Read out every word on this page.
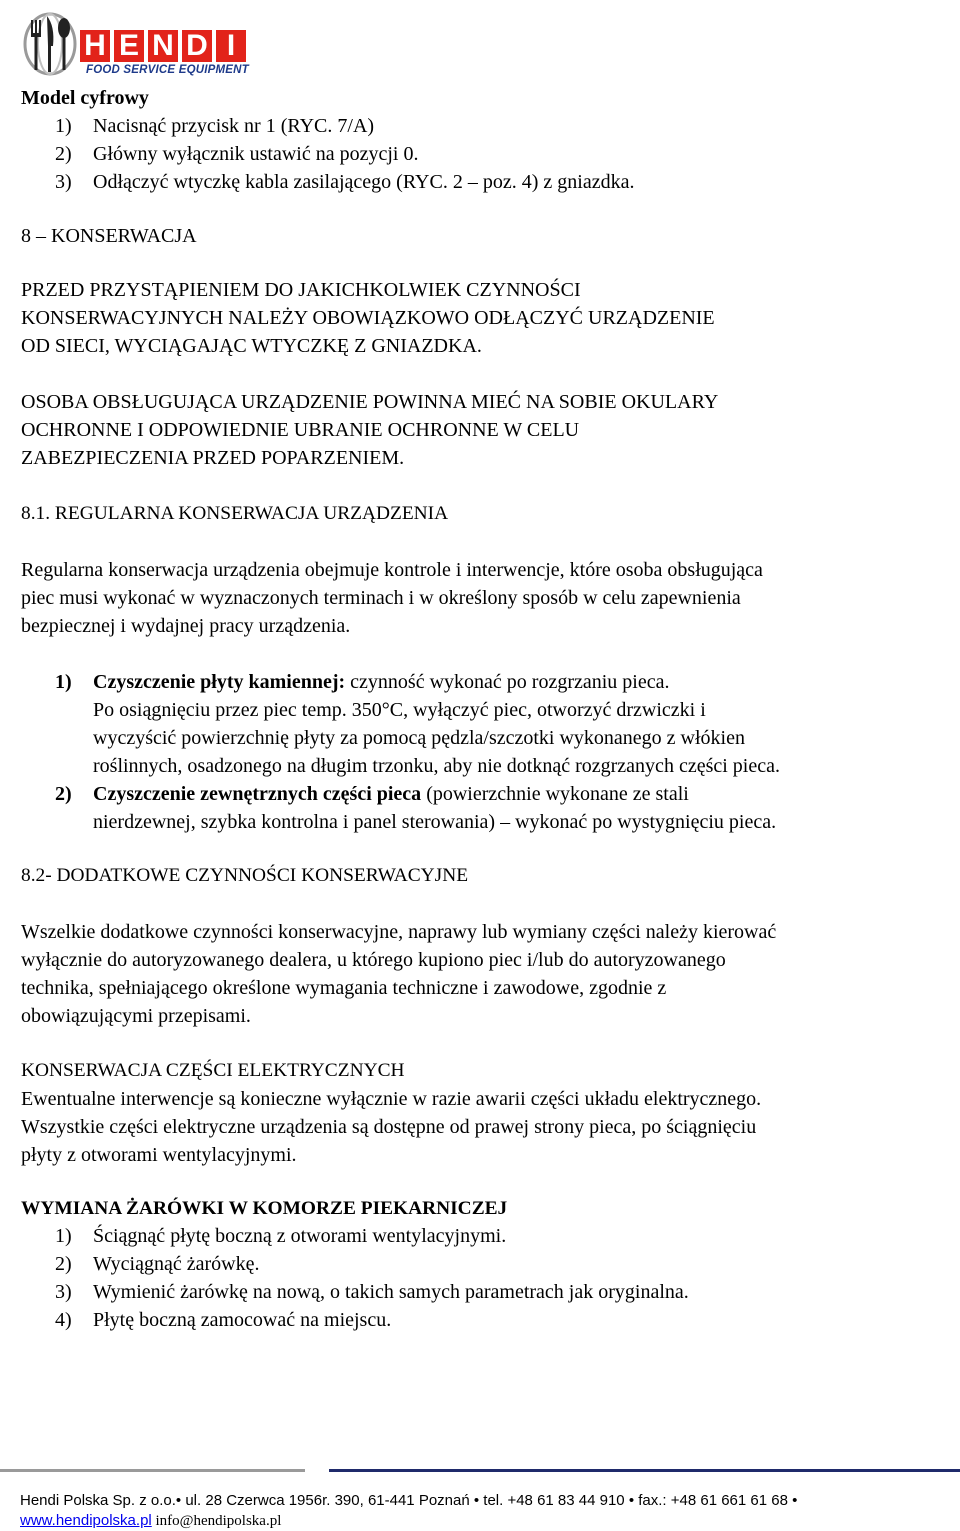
H E N D I
FOOD SERVICE EQUIPMENT
Model cyfrowy
1) Nacisnąć przycisk nr 1 (RYC. 7/A)
2) Główny wyłącznik ustawić na pozycji 0.
3) Odłączyć wtyczkę kabla zasilającego (RYC. 2 – poz. 4) z gniazdka.
8 – KONSERWACJA
PRZED PRZYSTĄPIENIEM DO JAKICHKOLWIEK CZYNNOŚCI
KONSERWACYJNYCH NALEŻY OBOWIĄZKOWO ODŁĄCZYĆ URZĄDZENIE
OD SIECI, WYCIĄGAJĄC WTYCZKĘ Z GNIAZDKA.
OSOBA OBSŁUGUJĄCA URZĄDZENIE POWINNA MIEĆ NA SOBIE OKULARY
OCHRONNE I ODPOWIEDNIE UBRANIE OCHRONNE W CELU
ZABEZPIECZENIA PRZED POPARZENIEM.
8.1. REGULARNA KONSERWACJA URZĄDZENIA
Regularna konserwacja urządzenia obejmuje kontrole i interwencje, które osoba obsługująca
piec musi wykonać w wyznaczonych terminach i w określony sposób w celu zapewnienia
bezpiecznej i wydajnej pracy urządzenia.
1) Czyszczenie płyty kamiennej: czynność wykonać po rozgrzaniu pieca.
Po osiągnięciu przez piec temp. 350°C, wyłączyć piec, otworzyć drzwiczki i
wyczyścić powierzchnię płyty za pomocą pędzla/szczotki wykonanego z włókien
roślinnych, osadzonego na długim trzonku, aby nie dotknąć rozgrzanych części pieca.
2) Czyszczenie zewnętrznych części pieca (powierzchnie wykonane ze stali
nierdzewnej, szybka kontrolna i panel sterowania) – wykonać po wystygnięciu pieca.
8.2- DODATKOWE CZYNNOŚCI KONSERWACYJNE
Wszelkie dodatkowe czynności konserwacyjne, naprawy lub wymiany części należy kierować
wyłącznie do autoryzowanego dealera, u którego kupiono piec i/lub do autoryzowanego
technika, spełniającego określone wymagania techniczne i zawodowe, zgodnie z
obowiązującymi przepisami.
KONSERWACJA CZĘŚCI ELEKTRYCZNYCH
Ewentualne interwencje są konieczne wyłącznie w razie awarii części układu elektrycznego.
Wszystkie części elektryczne urządzenia są dostępne od prawej strony pieca, po ściągnięciu
płyty z otworami wentylacyjnymi.
WYMIANA ŻARÓWKI W KOMORZE PIEKARNICZEJ
1) Ściągnąć płytę boczną z otworami wentylacyjnymi.
2) Wyciągnąć żarówkę.
3) Wymienić żarówkę na nową, o takich samych parametrach jak oryginalna.
4) Płytę boczną zamocować na miejscu.
Hendi Polska Sp. z o.o.• ul. 28 Czerwca 1956r. 390, 61-441 Poznań • tel. +48 61 83 44 910 • fax.: +48 61 661 61 68 •
www.hendipolska.pl info@hendipolska.pl
